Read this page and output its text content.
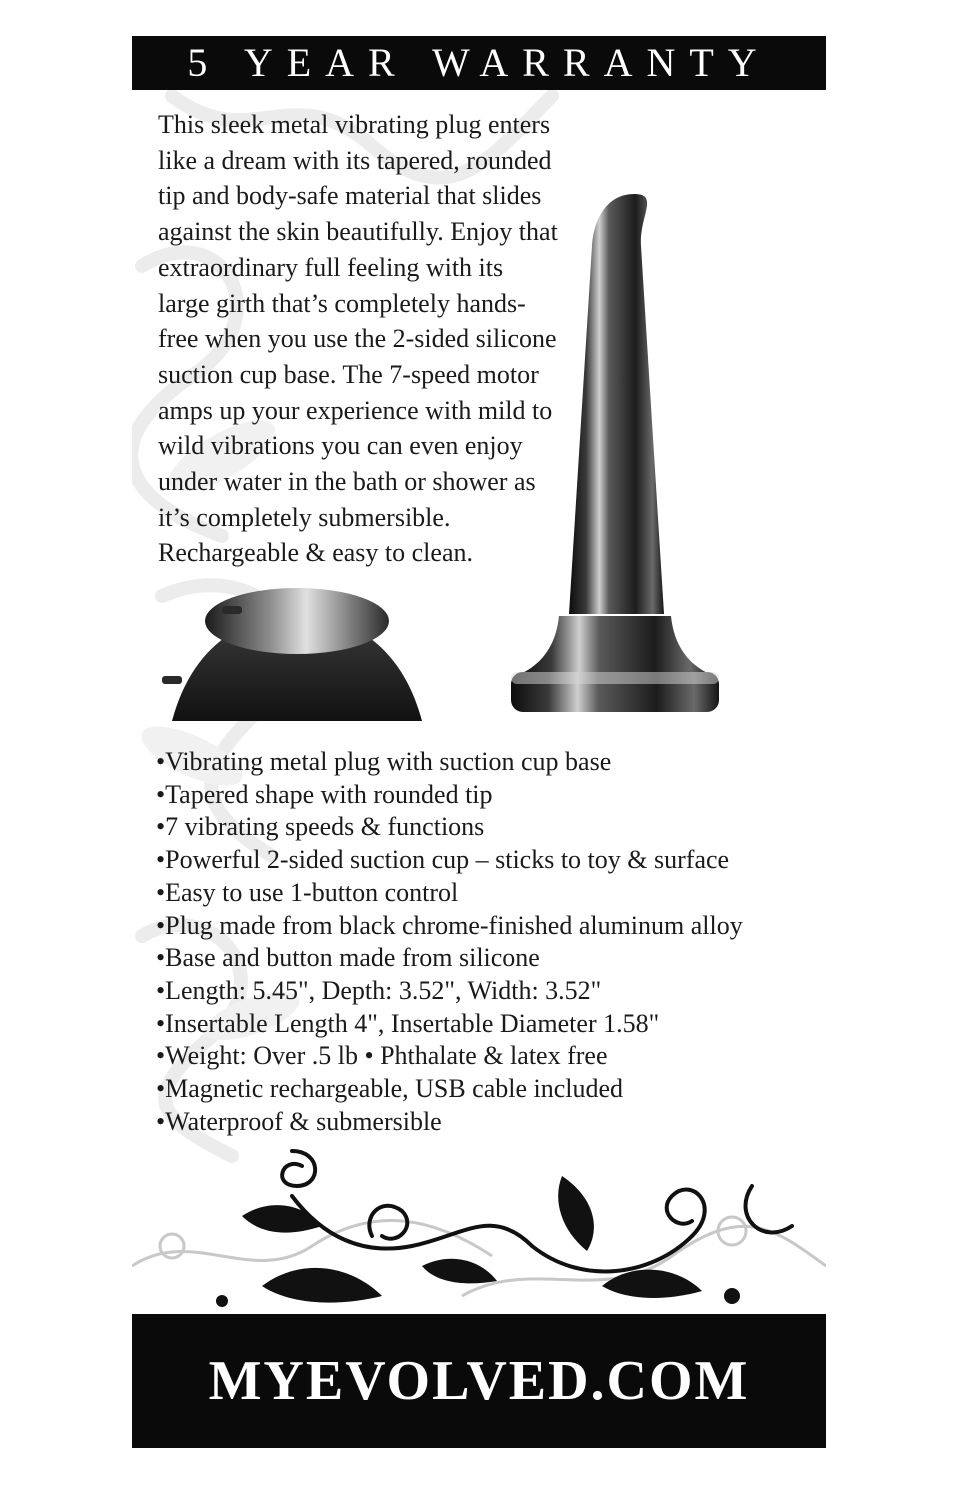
5 YEAR WARRANTY

This sleek metal vibrating plug enters like a dream with its tapered, rounded tip and body-safe material that slides against the skin beautifully. Enjoy that extraordinary full feeling with its large girth that’s completely hands-free when you use the 2-sided silicone suction cup base. The 7-speed motor amps up your experience with mild to wild vibrations you can even enjoy under water in the bath or shower as it’s completely submersible. Rechargeable & easy to clean.

• Vibrating metal plug with suction cup base
• Tapered shape with rounded tip
• 7 vibrating speeds & functions
• Powerful 2-sided suction cup – sticks to toy & surface
• Easy to use 1-button control
• Plug made from black chrome-finished aluminum alloy
• Base and button made from silicone
• Length: 5.45", Depth: 3.52", Width: 3.52"
• Insertable Length 4", Insertable Diameter 1.58"
• Weight: Over .5 lb • Phthalate & latex free
• Magnetic rechargeable, USB cable included
• Waterproof & submersible
MYEVOLVED.COM
